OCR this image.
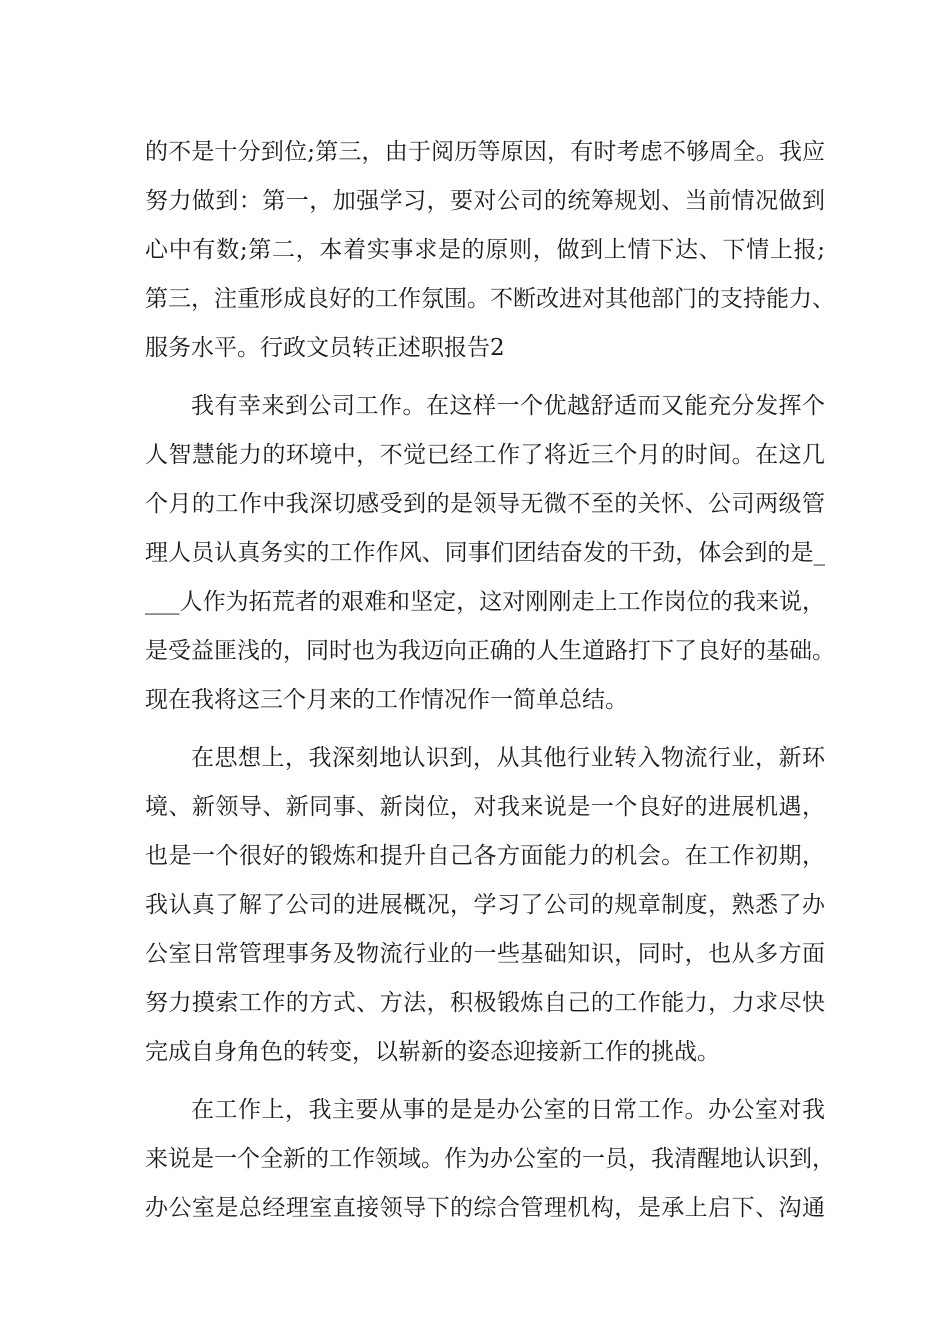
的不是十分到位;第三，由于阅历等原因，有时考虑不够周全。我应
努力做到：第一，加强学习，要对公司的统筹规划、当前情况做到
心中有数;第二，本着实事求是的原则，做到上情下达、下情上报;
第三，注重形成良好的工作氛围。不断改进对其他部门的支持能力、
服务水平。行政文员转正述职报告2
我有幸来到公司工作。在这样一个优越舒适而又能充分发挥个
人智慧能力的环境中，不觉已经工作了将近三个月的时间。在这几
个月的工作中我深切感受到的是领导无微不至的关怀、公司两级管
理人员认真务实的工作作风、同事们团结奋发的干劲，体会到的是_
___人作为拓荒者的艰难和坚定，这对刚刚走上工作岗位的我来说，
是受益匪浅的，同时也为我迈向正确的人生道路打下了良好的基础。
现在我将这三个月来的工作情况作一简单总结。
在思想上，我深刻地认识到，从其他行业转入物流行业，新环
境、新领导、新同事、新岗位，对我来说是一个良好的进展机遇，
也是一个很好的锻炼和提升自己各方面能力的机会。在工作初期，
我认真了解了公司的进展概况，学习了公司的规章制度，熟悉了办
公室日常管理事务及物流行业的一些基础知识，同时，也从多方面
努力摸索工作的方式、方法，积极锻炼自己的工作能力，力求尽快
完成自身角色的转变，以崭新的姿态迎接新工作的挑战。
在工作上，我主要从事的是是办公室的日常工作。办公室对我
来说是一个全新的工作领域。作为办公室的一员，我清醒地认识到，
办公室是总经理室直接领导下的综合管理机构，是承上启下、沟通
